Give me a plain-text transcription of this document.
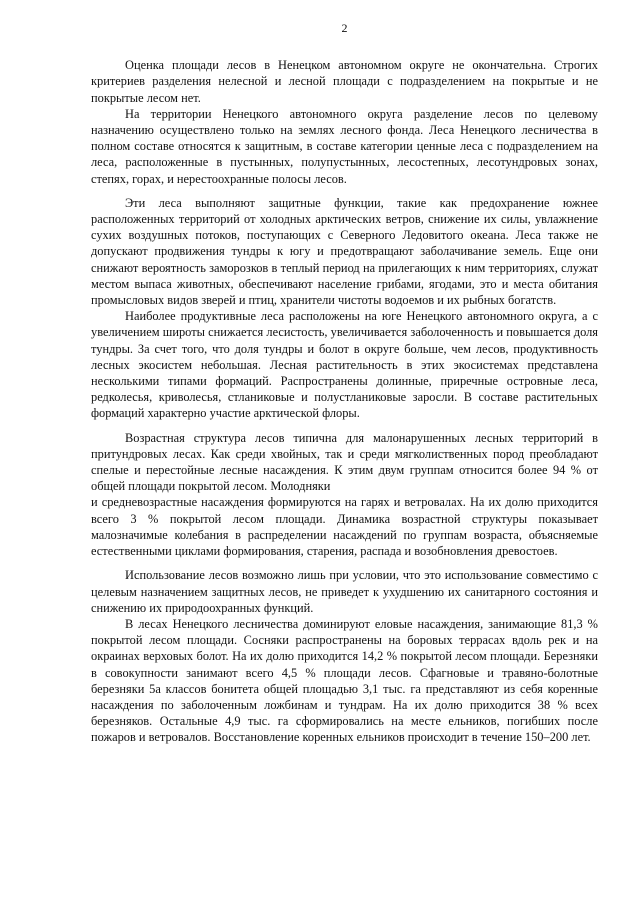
2

Оценка площади лесов в Ненецком автономном округе не окончательна. Строгих критериев разделения нелесной и лесной площади с подразделением на покрытые и не покрытые лесом нет.

На территории Ненецкого автономного округа разделение лесов по целевому назначению осуществлено только на землях лесного фонда. Леса Ненецкого лесничества в полном составе относятся к защитным, в составе категории ценные леса с подразделением на леса, расположенные в пустынных, полупустынных, лесостепных, лесотундровых зонах, степях, горах, и нерестоохранные полосы лесов.

Эти леса выполняют защитные функции, такие как предохранение южнее расположенных территорий от холодных арктических ветров, снижение их силы, увлажнение сухих воздушных потоков, поступающих с Северного Ледовитого океана. Леса также не допускают продвижения тундры к югу и предотвращают заболачивание земель. Еще они снижают вероятность заморозков в теплый период на прилегающих к ним территориях, служат местом выпаса животных, обеспечивают население грибами, ягодами, это и места обитания промысловых видов зверей и птиц, хранители чистоты водоемов и их рыбных богатств.

Наиболее продуктивные леса расположены на юге Ненецкого автономного округа, а с увеличением широты снижается лесистость, увеличивается заболоченность и повышается доля тундры. За счет того, что доля тундры и болот в округе больше, чем лесов, продуктивность лесных экосистем небольшая. Лесная растительность в этих экосистемах представлена несколькими типами формаций. Распространены долинные, приречные островные леса, редколесья, криволесья, стланиковые и полустланиковые заросли. В составе растительных формаций характерно участие арктической флоры.

Возрастная структура лесов типична для малонарушенных лесных территорий в притундровых лесах. Как среди хвойных, так и среди мягколиственных пород преобладают спелые и перестойные лесные насаждения. К этим двум группам относится более 94 % от общей площади покрытой лесом. Молодняки

и средневозрастные насаждения формируются на гарях и ветровалах. На их долю приходится всего 3 % покрытой лесом площади. Динамика возрастной структуры показывает малозначимые колебания в распределении насаждений по группам возраста, объясняемые естественными циклами формирования, старения, распада и возобновления древостоев.

Использование лесов возможно лишь при условии, что это использование совместимо с целевым назначением защитных лесов, не приведет к ухудшению их санитарного состояния и снижению их природоохранных функций.

В лесах Ненецкого лесничества доминируют еловые насаждения, занимающие 81,3 % покрытой лесом площади. Сосняки распространены на боровых террасах вдоль рек и на окраинах верховых болот. На их долю приходится 14,2 % покрытой лесом площади. Березняки в совокупности занимают всего 4,5 % площади лесов. Сфагновые и травяно-болотные березняки 5а классов бонитета общей площадью 3,1 тыс. га представляют из себя коренные насаждения по заболоченным ложбинам и тундрам. На их долю приходится 38 % всех березняков. Остальные 4,9 тыс. га сформировались на месте ельников, погибших после пожаров и ветровалов. Восстановление коренных ельников происходит в течение 150–200 лет.
